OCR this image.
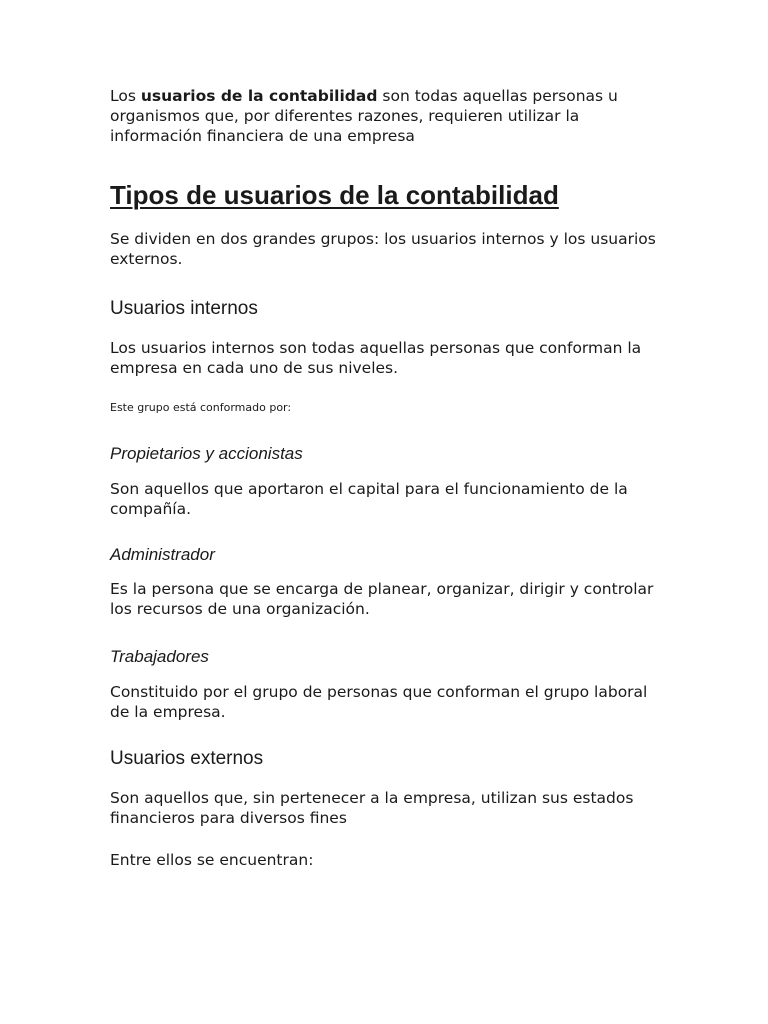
Los usuarios de la contabilidad son todas aquellas personas u organismos que, por diferentes razones, requieren utilizar la información financiera de una empresa

Tipos de usuarios de la contabilidad

Se dividen en dos grandes grupos: los usuarios internos y los usuarios externos.

Usuarios internos

Los usuarios internos son todas aquellas personas que conforman la empresa en cada uno de sus niveles.

Este grupo está conformado por:

Propietarios y accionistas

Son aquellos que aportaron el capital para el funcionamiento de la compañía.

Administrador

Es la persona que se encarga de planear, organizar, dirigir y controlar los recursos de una organización.

Trabajadores

Constituido por el grupo de personas que conforman el grupo laboral de la empresa.

Usuarios externos

Son aquellos que, sin pertenecer a la empresa, utilizan sus estados financieros para diversos fines

Entre ellos se encuentran:
